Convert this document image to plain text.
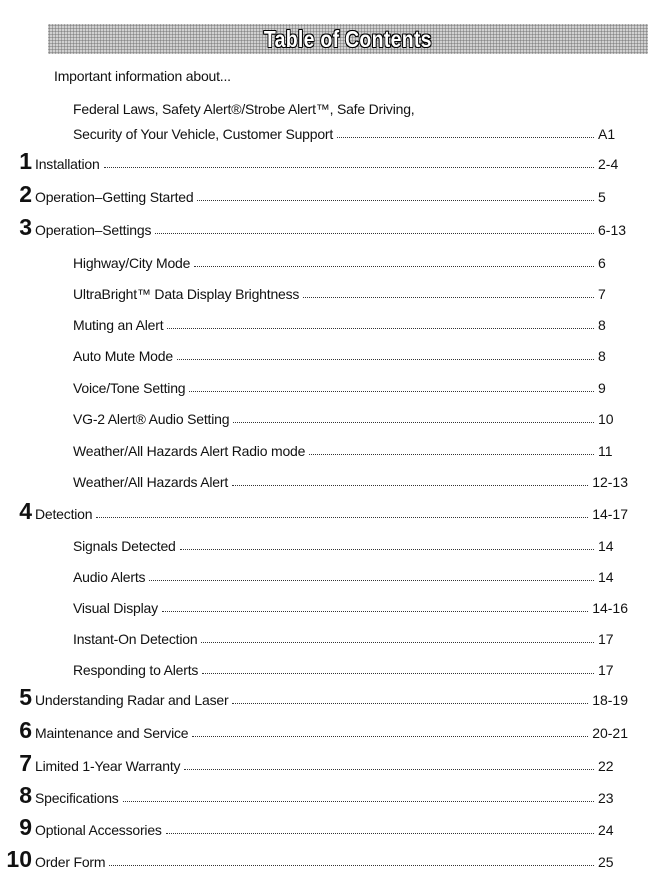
Table of Contents
Important information about...
Federal Laws, Safety Alert®/Strobe Alert™, Safe Driving,
Security of Your Vehicle, Customer Support	A1
1 Installation	2-4
2 Operation–Getting Started	5
3 Operation–Settings	6-13
Highway/City Mode	6
UltraBright™ Data Display Brightness	7
Muting an Alert	8
Auto Mute Mode	8
Voice/Tone Setting	9
VG-2 Alert® Audio Setting	10
Weather/All Hazards Alert Radio mode	11
Weather/All Hazards Alert	12-13
4 Detection	14-17
Signals Detected	14
Audio Alerts	14
Visual Display	14-16
Instant-On Detection	17
Responding to Alerts	17
5 Understanding Radar and Laser	18-19
6 Maintenance and Service	20-21
7 Limited 1-Year Warranty	22
8 Specifications	23
9 Optional Accessories	24
10 Order Form	25
